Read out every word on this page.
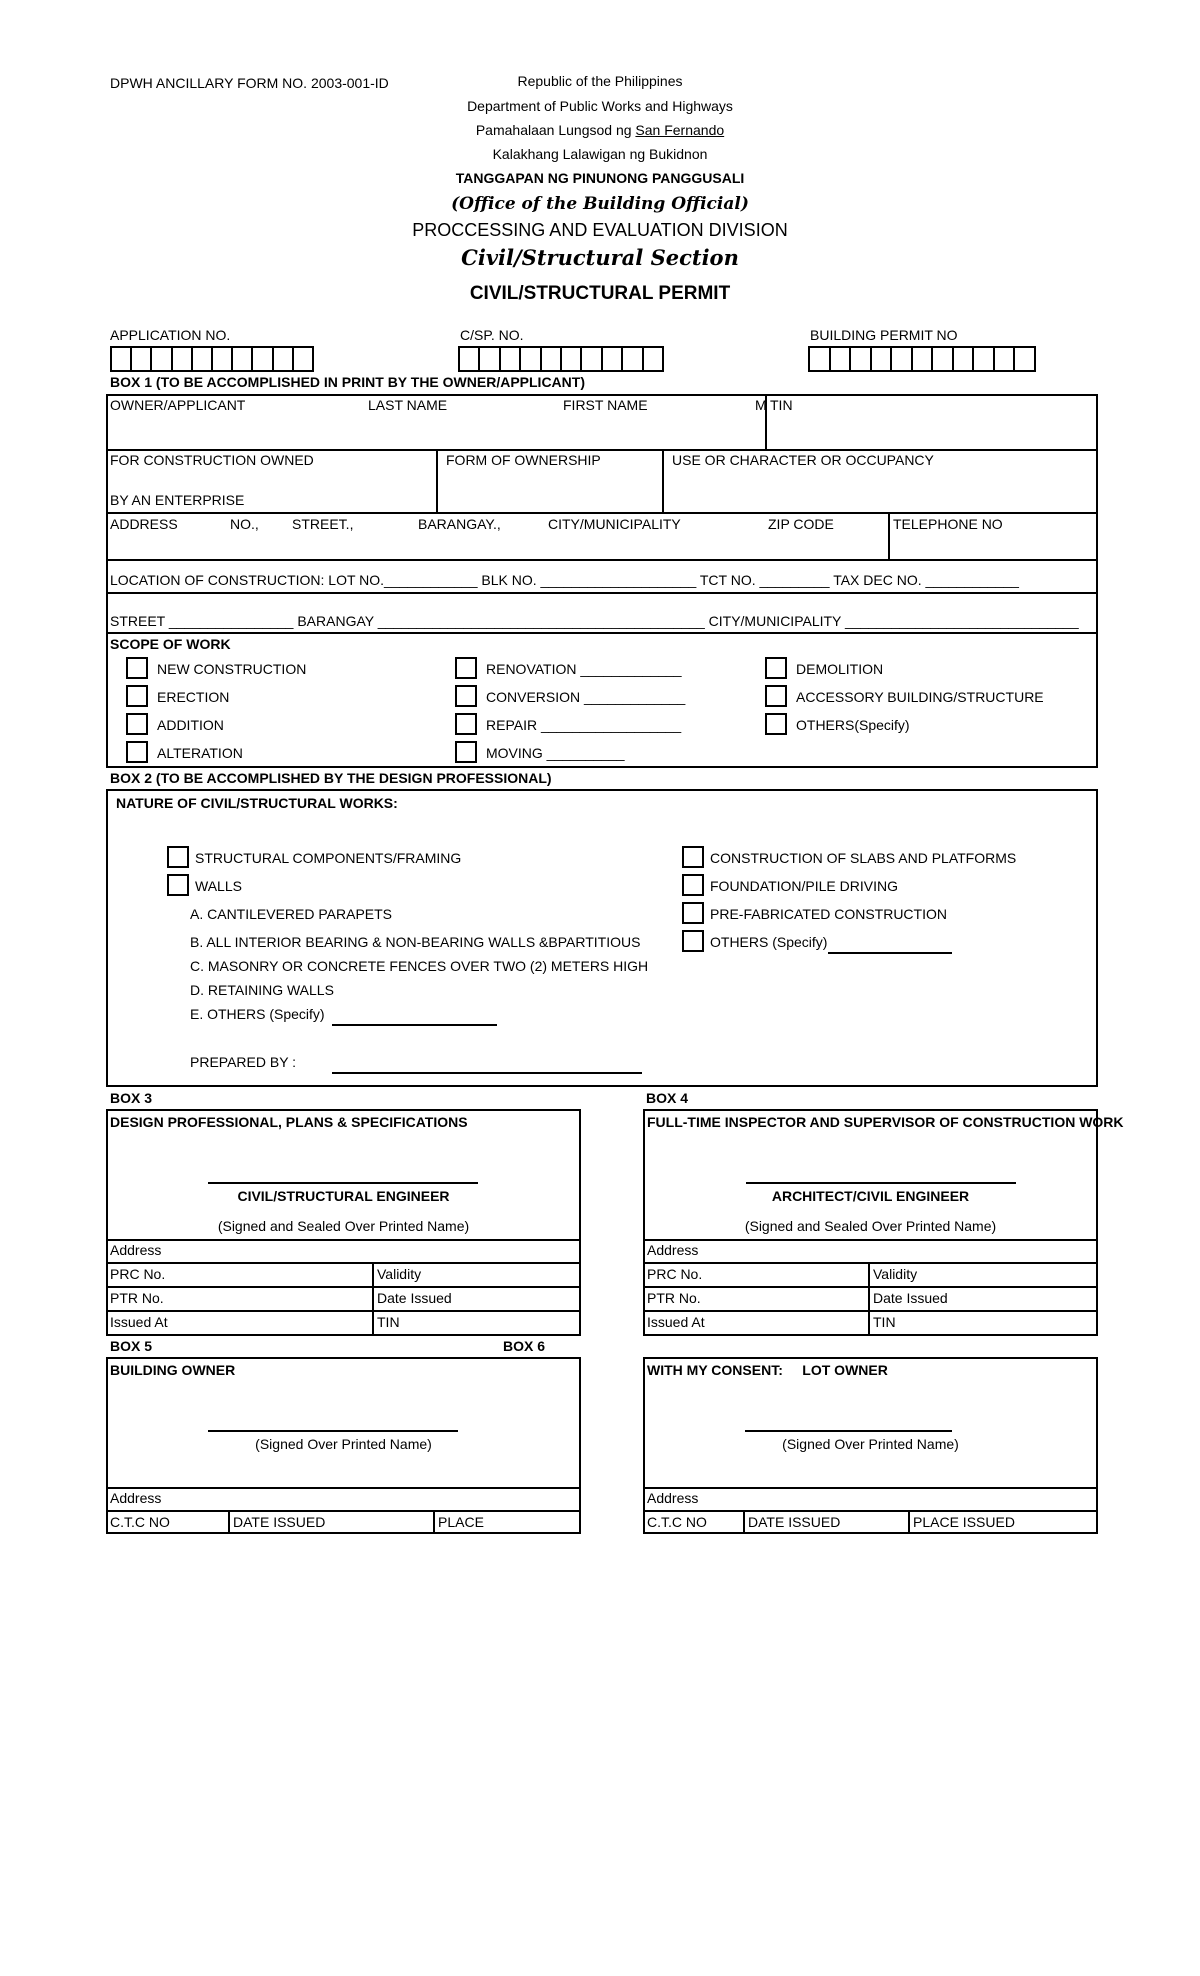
DPWH ANCILLARY FORM NO. 2003-001-ID	Republic of the Philippines
Department of Public Works and Highways
Pamahalaan Lungsod ng San Fernando
Kalakhang Lalawigan ng Bukidnon
TANGGAPAN NG PINUNONG PANGGUSALI
(Office of the Building Official)
PROCCESSING AND EVALUATION DIVISION
Civil/Structural Section
CIVIL/STRUCTURAL PERMIT
APPLICATION NO.	C/SP. NO.	BUILDING PERMIT NO
BOX 1 (TO BE ACCOMPLISHED IN PRINT BY THE OWNER/APPLICANT)
OWNER/APPLICANT	LAST NAME	FIRST NAME	M TIN
FOR CONSTRUCTION OWNED
BY AN ENTERPRISE
FORM OF OWNERSHIP	USE OR CHARACTER OR OCCUPANCY
ADDRESS	NO., STREET.,	BARANGAY.,	CITY/MUNICIPALITY	ZIP CODE	TELEPHONE NO
LOCATION OF CONSTRUCTION: LOT NO.____________ BLK NO. ____________________ TCT NO. _________ TAX DEC NO. ____________
STREET ________________ BARANGAY __________________________________________ CITY/MUNICIPALITY ______________________________
SCOPE OF WORK
NEW CONSTRUCTION
ERECTION
ADDITION
ALTERATION
RENOVATION _____________
CONVERSION _____________
REPAIR __________________
MOVING __________
DEMOLITION
ACCESSORY BUILDING/STRUCTURE
OTHERS(Specify)
BOX 2 (TO BE ACCOMPLISHED BY THE DESIGN PROFESSIONAL)
NATURE OF CIVIL/STRUCTURAL WORKS:
STRUCTURAL COMPONENTS/FRAMING
WALLS
A. CANTILEVERED PARAPETS
B. ALL INTERIOR BEARING & NON-BEARING WALLS &BPARTITIOUS
C. MASONRY OR CONCRETE FENCES OVER TWO (2) METERS HIGH
D. RETAINING WALLS
E. OTHERS (Specify)
CONSTRUCTION OF SLABS AND PLATFORMS
FOUNDATION/PILE DRIVING
PRE-FABRICATED CONSTRUCTION
OTHERS (Specify)
PREPARED BY :
BOX 3
DESIGN PROFESSIONAL, PLANS & SPECIFICATIONS
CIVIL/STRUCTURAL ENGINEER
(Signed and Sealed Over Printed Name)
Address
PRC No.	Validity
PTR No.	Date Issued
Issued At	TIN
BOX 4
FULL-TIME INSPECTOR AND SUPERVISOR OF CONSTRUCTION WORK
ARCHITECT/CIVIL ENGINEER
(Signed and Sealed Over Printed Name)
Address
PRC No.	Validity
PTR No.	Date Issued
Issued At	TIN
BOX 5	BOX 6
BUILDING OWNER
(Signed Over Printed Name)
Address
C.T.C NO	DATE ISSUED	PLACE
WITH MY CONSENT:     LOT OWNER
(Signed Over Printed Name)
Address
C.T.C NO	DATE ISSUED	PLACE ISSUED
